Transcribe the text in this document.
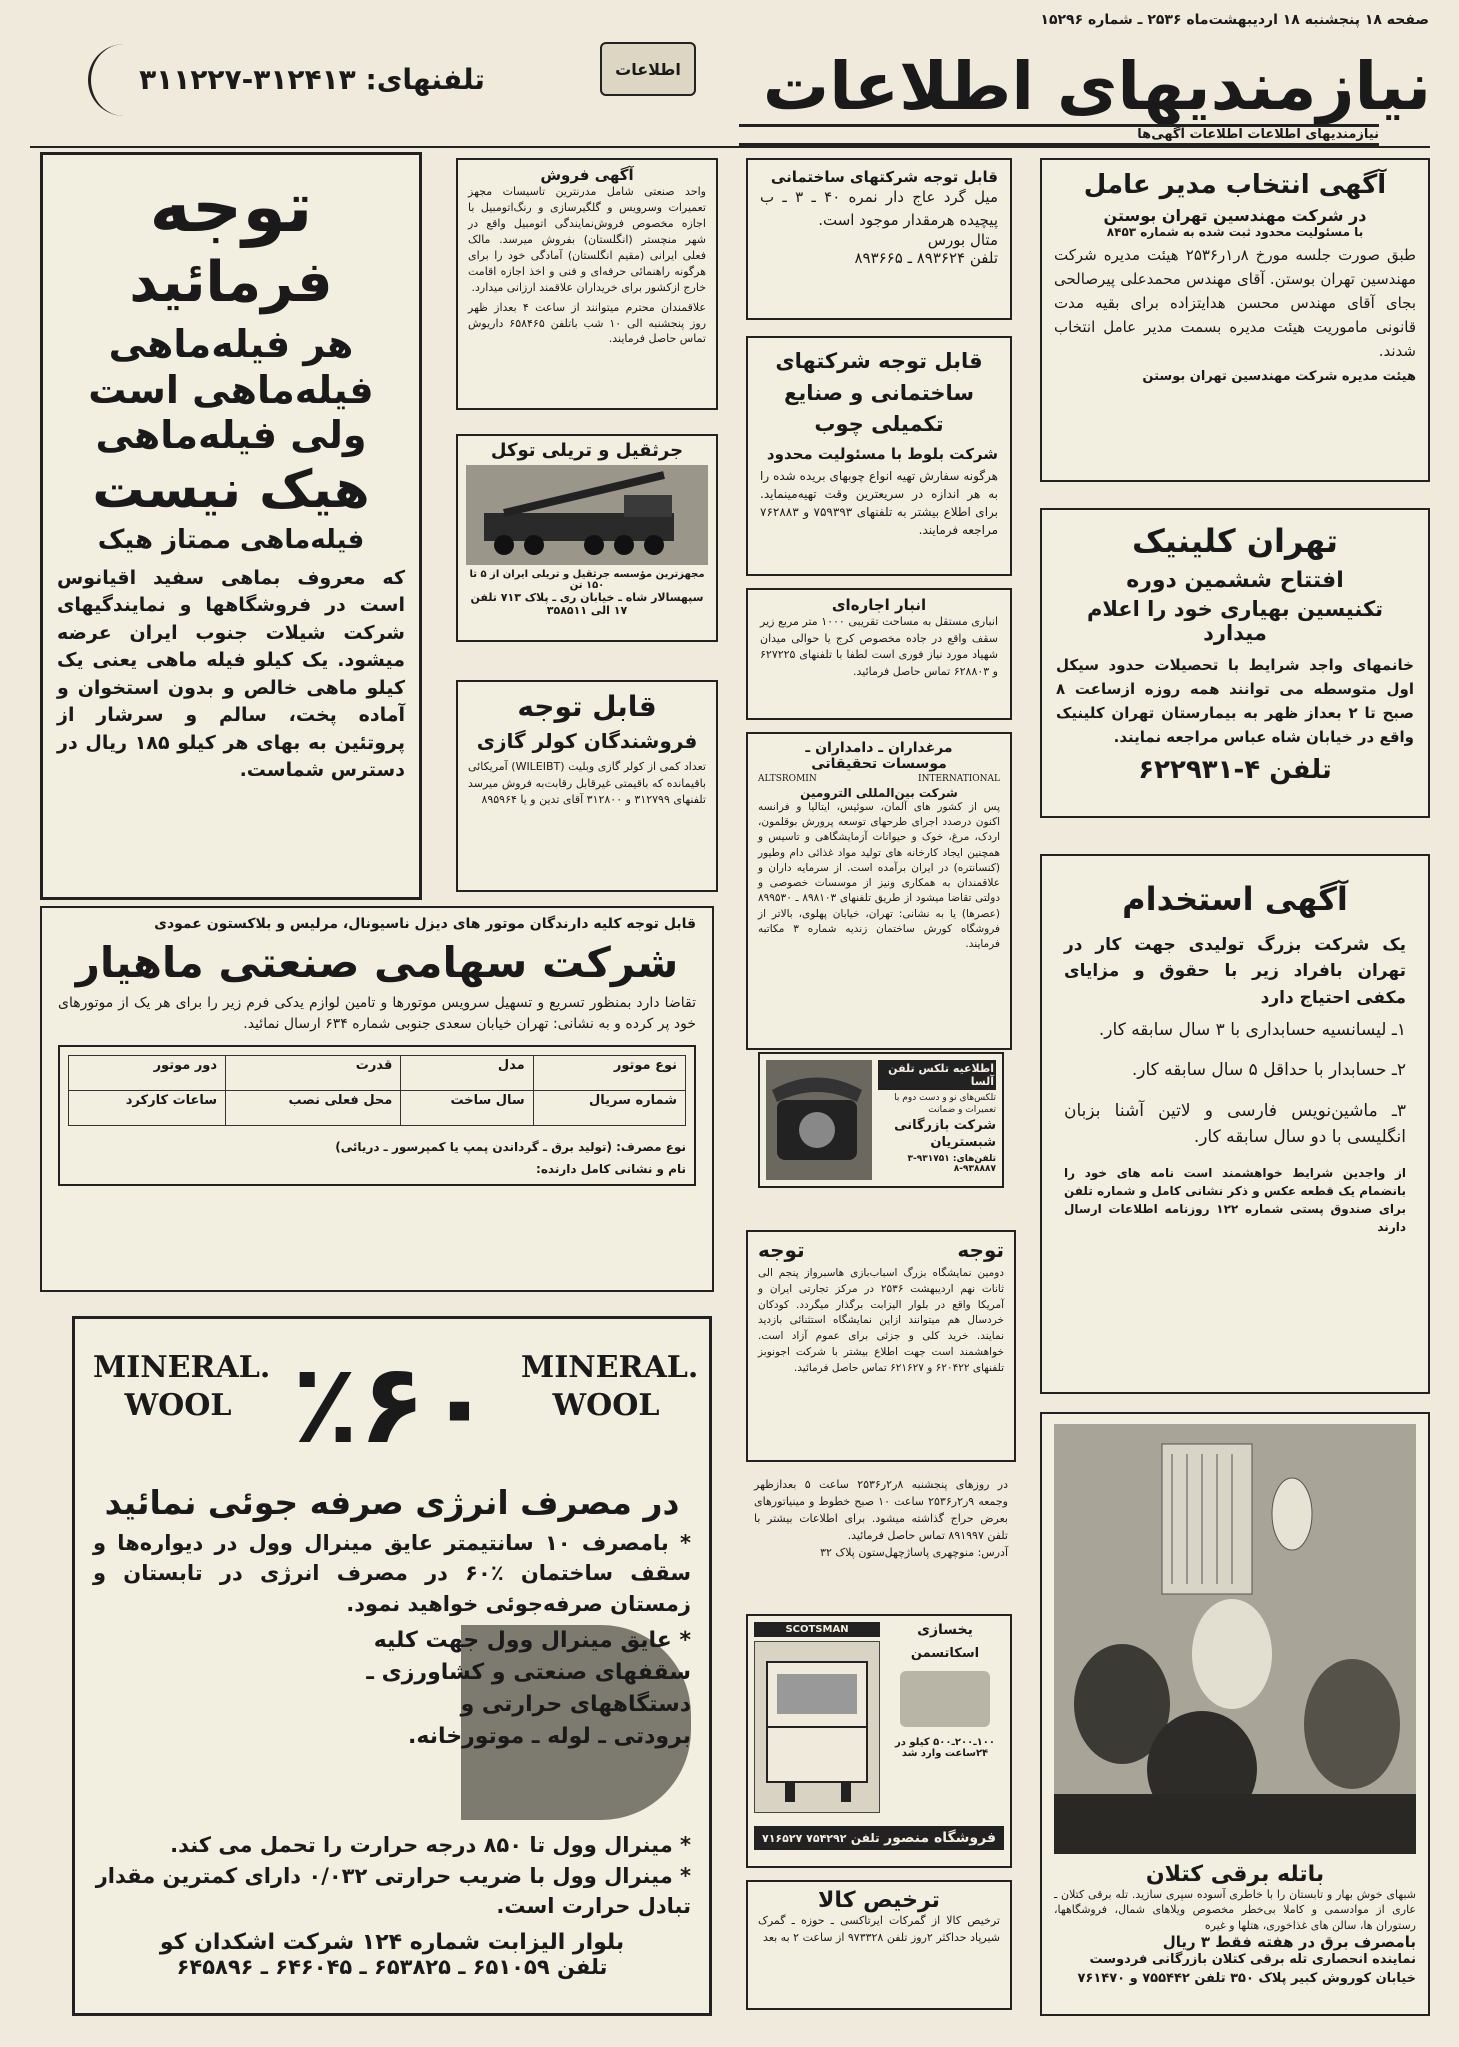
صفحه ۱۸ پنجشنبه ۱۸ اردیبهشت‌ماه ۲۵۳۶ ـ شماره ۱۵۲۹۶
نیازمندیهای اطلاعات
اطلاعات
تلفنهای: ۳۱۲۴۱۳-۳۱۱۲۲۷
نیازمندیهای اطلاعات اطلاعات آگهی‌ها
توجه
فرمائید
هر فیله‌ماهی
فیله‌ماهی است
ولی فیله‌ماهی
هیک نیست
فیله‌ماهی ممتاز هیک
که معروف بماهی سفید اقیانوس است در فروشگاهها و نمایندگیهای شرکت شیلات جنوب ایران عرضه میشود. یک کیلو فیله ماهی یعنی یک کیلو ماهی خالص و بدون استخوان و آماده پخت، سالم و سرشار از پروتئین به بهای هر کیلو ۱۸۵ ریال در دسترس شماست.
آگهی فروش
واحد صنعتی شامل مدرنترین تاسیسات مجهز تعمیرات وسرویس و گلگیرسازی و رنگ‌اتومبیل با اجازه مخصوص فروش‌نمایندگی اتومبیل واقع در شهر منچستر (انگلستان) بفروش میرسد. مالک فعلی ایرانی (مقیم انگلستان) آمادگی خود را برای هرگونه راهنمائی حرفه‌ای و فنی و اخذ اجازه اقامت خارج ازکشور برای خریداران علاقمند ارزانی میدارد.
علاقمندان محترم میتوانند از ساعت ۴ بعداز ظهر روز پنجشنبه الی ۱۰ شب باتلفن ۶۵۸۴۶۵ داریوش تماس حاصل فرمایند.
جرثقیل و تریلی توکل
مجهزترین مؤسسه جرثقیل و تریلی ایران از ۵ تا ۱۵۰ تن
سپهسالار شاه ـ خیابان ری ـ پلاک ۷۱۳ تلفن ۱۷ الی ۳۵۸۵۱۱
قابل توجه
فروشندگان کولر گازی
تعداد کمی از کولر گازی وبلیت (WILEIBT) آمریکائی باقیمانده که باقیمتی غیرقابل رقابت‌به فروش میرسد تلفنهای ۳۱۲۷۹۹ و ۳۱۲۸۰۰ آقای تدین و یا ۸۹۵۹۶۴
قابل توجه کلیه دارندگان موتور های دیزل ناسیونال، مرلیس و بلاکستون عمودی
شرکت سهامی صنعتی ماهیار
تقاضا دارد بمنظور تسریع و تسهیل سرویس موتورها و تامین لوازم یدکی فرم زیر را برای هر یک از موتورهای خود پر کرده و به نشانی: تهران خیابان سعدی جنوبی شماره ۶۳۴ ارسال نمائید.
نوع موتور	مدل	قدرت	دور موتور
شماره سریال	سال ساخت	محل فعلی نصب	ساعات کارکرد
نوع مصرف: (تولید برق ـ گرداندن پمپ یا کمپرسور ـ دریائی)
نام و نشانی کامل دارنده:
MINERAL. WOOL ٪۶۰ MINERAL. WOOL
در مصرف انرژی صرفه جوئی نمائید
* بامصرف ۱۰ سانتیمتر عایق مینرال وول در دیواره‌ها و سقف ساختمان ٪۶۰ در مصرف انرژی در تابستان و زمستان صرفه‌جوئی خواهید نمود.
* عایق مینرال وول جهت کلیه
سقفهای صنعتی و کشاورزی ـ
دستگاههای حرارتی و
برودتی ـ لوله ـ موتورخانه.
* مینرال وول تا ۸۵۰ درجه حرارت را تحمل می کند.
* مینرال وول با ضریب حرارتی ۰/۰۳۲ دارای کمترین مقدار تبادل حرارت است.
بلوار الیزابت شماره ۱۲۴ شرکت اشکدان کو
تلفن ۶۵۱۰۵۹ ـ ۶۵۳۸۲۵ ـ ۶۴۶۰۴۵ ـ ۶۴۵۸۹۶
قابل توجه شرکتهای ساختمانی
میل گرد عاج دار نمره ۴۰ ـ ۳ ـ ب پیچیده هرمقدار موجود است.
متال بورس
تلفن ۸۹۳۶۲۴ ـ ۸۹۳۶۶۵
قابل توجه شرکتهای ساختمانی و صنایع تکمیلی چوب
شرکت بلوط با مسئولیت محدود
هرگونه سفارش تهیه انواع چوبهای بریده شده را به هر اندازه در سریعترین وقت تهیه‌مینماید. برای اطلاع بیشتر به تلفنهای ۷۵۹۳۹۳ و ۷۶۲۸۸۳ مراجعه فرمایند.
انبار اجاره‌ای
انباری مستقل به مساحت تقریبی ۱۰۰۰ متر مربع زیر سقف واقع در جاده مخصوص کرج یا حوالی میدان شهیاد مورد نیاز فوری است لطفا با تلفنهای ۶۲۷۲۲۵ و ۶۲۸۸۰۳ تماس حاصل فرمائید.
مرغداران ـ دامداران ـ
موسسات تحقیقاتی
ALTSROMIN	INTERNATIONAL
شرکت بین‌المللی الترومین
پس از کشور های آلمان، سوئیس، ایتالیا و فرانسه اکنون درصدد اجرای طرحهای توسعه پرورش بوقلمون، اردک، مرغ، خوک و حیوانات آزمایشگاهی و تاسیس و همچنین ایجاد کارخانه های تولید مواد غذائی دام وطیور (کنسانتره) در ایران برآمده است. از سرمایه داران و علاقمندان به همکاری ونیز از موسسات خصوصی و دولتی تقاضا میشود از طریق تلفنهای ۸۹۸۱۰۳ ـ ۸۹۹۵۳۰ (عصرها) یا به نشانی: تهران، خیابان پهلوی، بالاتر از فروشگاه کورش ساختمان زندیه شماره ۳ مکاتبه فرمایند.
اطلاعیه تلکس تلفن آلسا
تلکس‌های نو و دست دوم با تعمیرات و ضمانت
شرکت بازرگانی شبستریان
تلفن‌های: ۹۳۱۷۵۱-۳ ۹۳۸۸۸۷-۸
توجه
توجه
دومین نمایشگاه بزرگ اسباب‌بازی هاسبرواز پنجم الی ثانات نهم اردیبهشت ۲۵۳۶ در مرکز تجارتی ایران و آمریکا واقع در بلوار الیزابت برگذار میگردد. کودکان خردسال هم میتوانند ازاین نمایشگاه استثنائی بازدید نمایند. خرید کلی و جزئی برای عموم آزاد است. خواهشمند است جهت اطلاع بیشتر با شرکت اجونوبز تلفنهای ۶۲۰۴۲۲ و ۶۲۱۶۲۷ تماس حاصل فرمائید.
در روزهای پنجشنبه ۸ر۲ر۲۵۳۶ ساعت ۵ بعدازظهر وجمعه ۹ر۲ر۲۵۳۶ ساعت ۱۰ صبح خطوط و مینیاتورهای بعرض حراج گذاشته میشود. برای اطلاعات بیشتر با تلفن ۸۹۱۹۹۷ تماس حاصل فرمائید.
آدرس: منوچهری پاساژچهل‌ستون پلاک ۳۲
یخسازی
اسکاتسمن
۱۰۰ـ۲۰۰ـ۵۰۰ کیلو در ۲۴ساعت وارد شد
SCOTSMAN
فروشگاه منصور
تلفن
۷۵۴۲۹۲ ۷۱۶۵۲۷
ترخیص کالا
ترخیص کالا از گمرکات ایرتاکسی ـ حوزه ـ گمرک شیرپاد حداکثر ۲روز تلفن ۹۷۳۳۲۸ از ساعت ۲ به بعد
آگهی انتخاب مدیر عامل
در شرکت مهندسین تهران بوستن
با مسئولیت محدود ثبت شده به شماره ۸۴۵۳
طبق صورت جلسه مورخ ۸ر۱ر۲۵۳۶ هیئت مدیره شرکت مهندسین تهران بوستن. آقای مهندس محمدعلی پیرصالحی بجای آقای مهندس محسن هدایتزاده برای بقیه مدت قانونی ماموریت هیئت مدیره بسمت مدیر عامل انتخاب شدند.
هیئت مدیره شرکت مهندسین تهران بوستن
تهران کلینیک
افتتاح ششمین دوره
تکنیسین بهیاری خود را اعلام میدارد
خانمهای واجد شرایط با تحصیلات حدود سیکل اول متوسطه می توانند همه روزه ازساعت ۸ صبح تا ۲ بعداز ظهر به بیمارستان تهران کلینیک واقع در خیابان شاه عباس مراجعه نمایند.
تلفن ۴-۶۲۲۹۳۱
آگهی استخدام
یک شرکت بزرگ تولیدی جهت کار در تهران بافراد زیر با حقوق و مزایای مکفی احتیاج دارد
۱ـ لیسانسیه حسابداری با ۳ سال سابقه کار.
۲ـ حسابدار با حداقل ۵ سال سابقه کار.
۳ـ ماشین‌نویس فارسی و لاتین آشنا بزبان انگلیسی با دو سال سابقه کار.
از واجدین شرایط خواهشمند است نامه های خود را بانضمام یک قطعه عکس و ذکر نشانی کامل و شماره تلفن برای صندوق پستی شماره ۱۲۲ روزنامه اطلاعات ارسال دارند
باتله برقی کتلان
شبهای خوش بهار و تابستان را با خاطری آسوده سپری سازید. تله برقی کتلان ـ عاری از موادسمی و کاملا بی‌خطر مخصوص ویلاهای شمال، فروشگاهها، رستوران ها، سالن های غذاخوری، هتلها و غیره
بامصرف برق در هفته فقط ۳ ریال
نماینده انحصاری تله برقی کتلان بازرگانی فردوست خیابان کوروش کبیر پلاک ۳۵۰ تلفن ۷۵۵۴۴۲ و ۷۶۱۴۷۰
